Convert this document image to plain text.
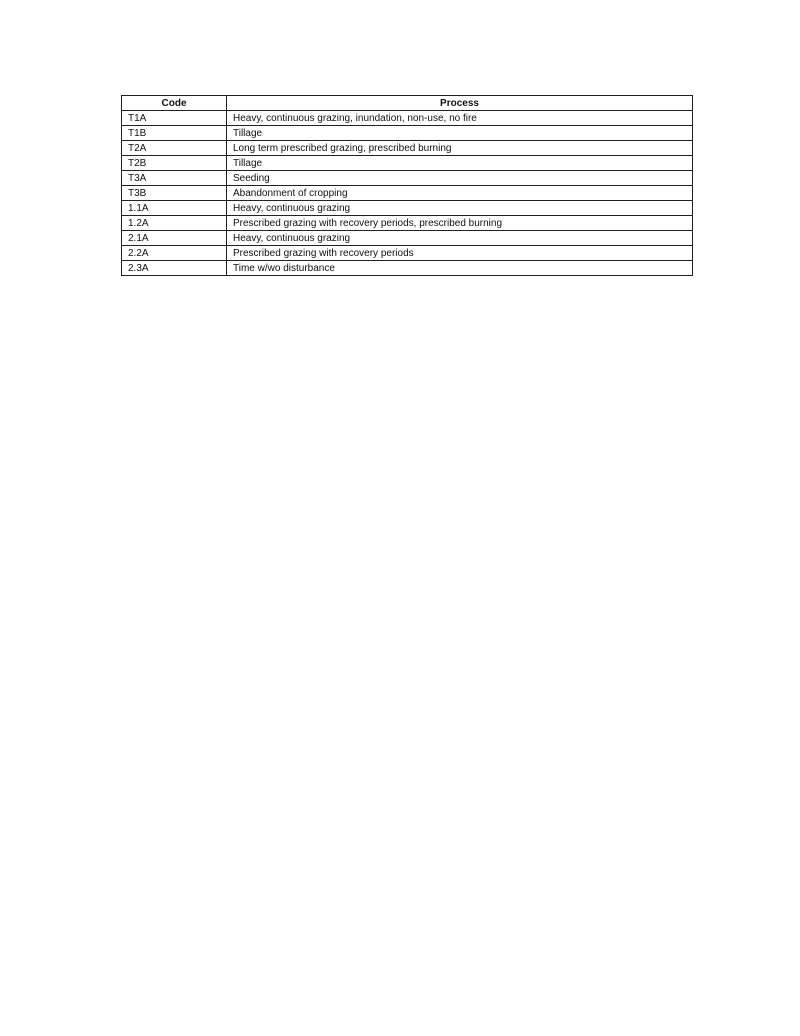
Code	Process
T1A	Heavy, continuous grazing, inundation, non-use, no fire
T1B	Tillage
T2A	Long term prescribed grazing, prescribed burning
T2B	Tillage
T3A	Seeding
T3B	Abandonment of cropping
1.1A	Heavy, continuous grazing
1.2A	Prescribed grazing with recovery periods, prescribed burning
2.1A	Heavy, continuous grazing
2.2A	Prescribed grazing with recovery periods
2.3A	Time w/wo disturbance
